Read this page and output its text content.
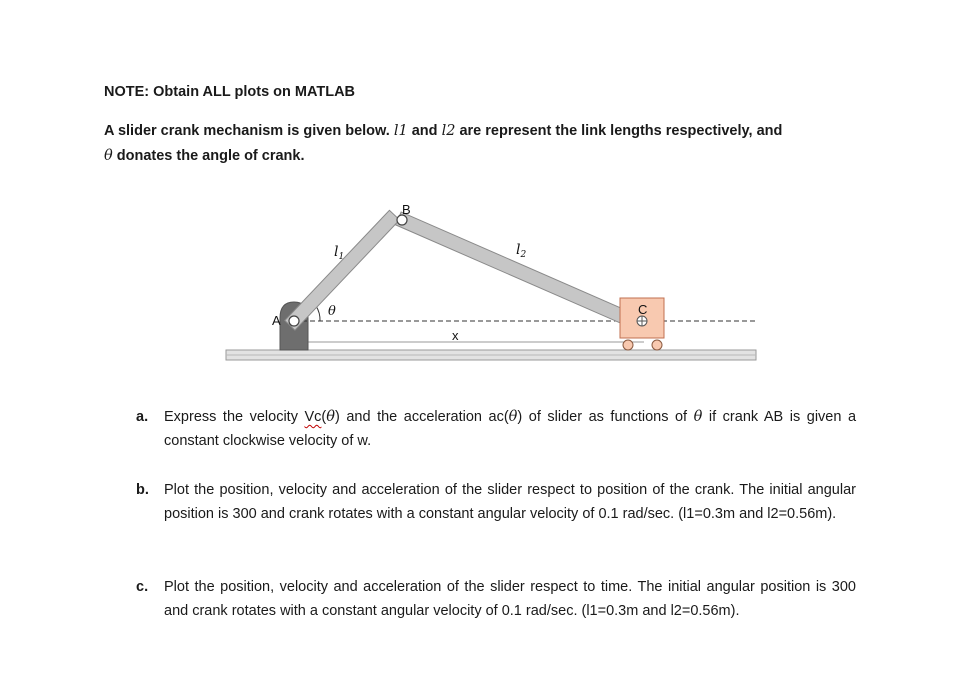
NOTE: Obtain ALL plots on MATLAB
A slider crank mechanism is given below. l1 and l2 are represent the link lengths respectively, and
θ donates the angle of crank.
A
B
C
$l_1$	$l_2$
θ
x
a. Express the velocity Vc(θ) and the acceleration ac(θ) of slider as functions of θ if crank AB is given a constant clockwise velocity of w.
b. Plot the position, velocity and acceleration of the slider respect to position of the crank. The initial angular position is 300 and crank rotates with a constant angular velocity of 0.1 rad/sec. (l1=0.3m and l2=0.56m).
c. Plot the position, velocity and acceleration of the slider respect to time. The initial angular position is 300 and crank rotates with a constant angular velocity of 0.1 rad/sec. (l1=0.3m and l2=0.56m).
